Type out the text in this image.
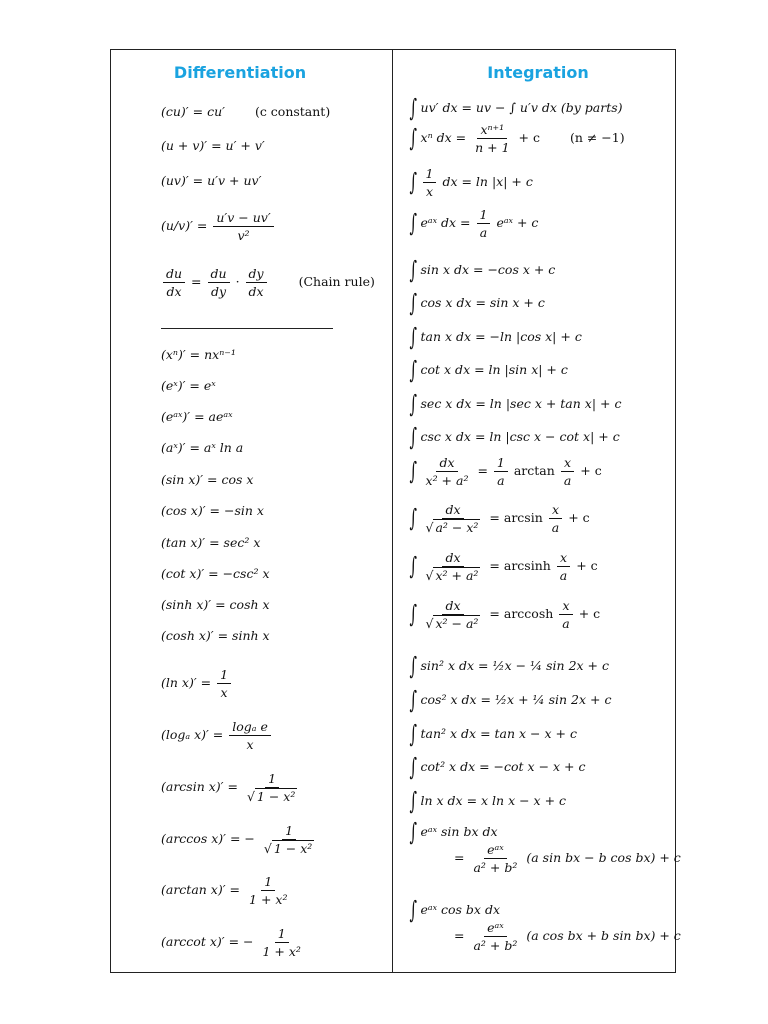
Differentiation	Integration
(cu)′ = cu′ (c constant)
(u + v)′ = u′ + v′
(uv)′ = u′v + uv′
$(u/v)' = \frac{u'v - uv'}{\text{v²}}$
$\frac{du}{dx} = \frac{du}{dy} \cdot \frac{dy}{dx}$	(Chain rule)
(xⁿ)′ = nxⁿ⁻¹
(eˣ)′ = eˣ
(eᵃˣ)′ = aeᵃˣ
(aˣ)′ = aˣ ln a
(sin x)′ = cos x
(cos x)′ = −sin x
(tan x)′ = sec² x
(cot x)′ = −csc² x
(sinh x)′ = cosh x
(cosh x)′ = sinh x
(ln $x)' = \frac{1}{x}$
(logₐ $x)' = \frac{\text{logₐ e}}{x}$
(arcsin $x)' = \frac{1}{\text{√ 1 − x²}}$
(arccos x)′ = − $\frac{1}{\text{√ 1 − x²}}$
(arctan $x)' = \frac{1}{\text{1 + x²}}$
(arccot x)′ = − $\frac{1}{\text{1 + x²}}$
∫ uv′ dx = uv − ∫ u′v dx (by parts)
∫ xⁿ dx = $\frac{\text{xⁿ⁺¹}}{n + 1} + c$ (n ≠ −1)
∫ $\frac{1}{x}$ dx = ln |x| + c
∫ eᵃˣ dx = $\frac{1}{a}$ eᵃˣ + c
∫ sin x dx = −cos x + c
∫ cos x dx = sin x + c
∫ tan x dx = −ln |cos x| + c
∫ cot x dx = ln |sin x| + c
∫ sec x dx = ln |sec x + tan x| + c
∫ csc x dx = ln |csc x − cot x| + c
∫ $\frac{dx}{\text{x² + a²}} = \frac{1}{a}$ $\arctan \frac{x}{a} + c$
∫ $\frac{dx}{\text{√ a² − x²}} = \arcsin \frac{x}{a} + c$
∫ $\frac{dx}{\text{√ x² + a²}} = \arcsin h \frac{x}{a} + c$
∫ $\frac{dx}{\text{√ x² − a²}} = \arccos h \frac{x}{a} + c$
∫ sin² x dx = ½x − ¼ sin 2x + c
∫ cos² x dx = ½x + ¼ sin 2x + c
∫ tan² x dx = tan x − x + c
∫ cot² x dx = −cot x − x + c
∫ ln x dx = x ln x − x + c
∫ eᵃˣ sin bx dx
=
eᵃˣ
a² + b²
(a sin bx − b cos bx) + c
∫ eᵃˣ cos bx dx
=
eᵃˣ
a² + b²
(a cos bx + b sin bx) + c
